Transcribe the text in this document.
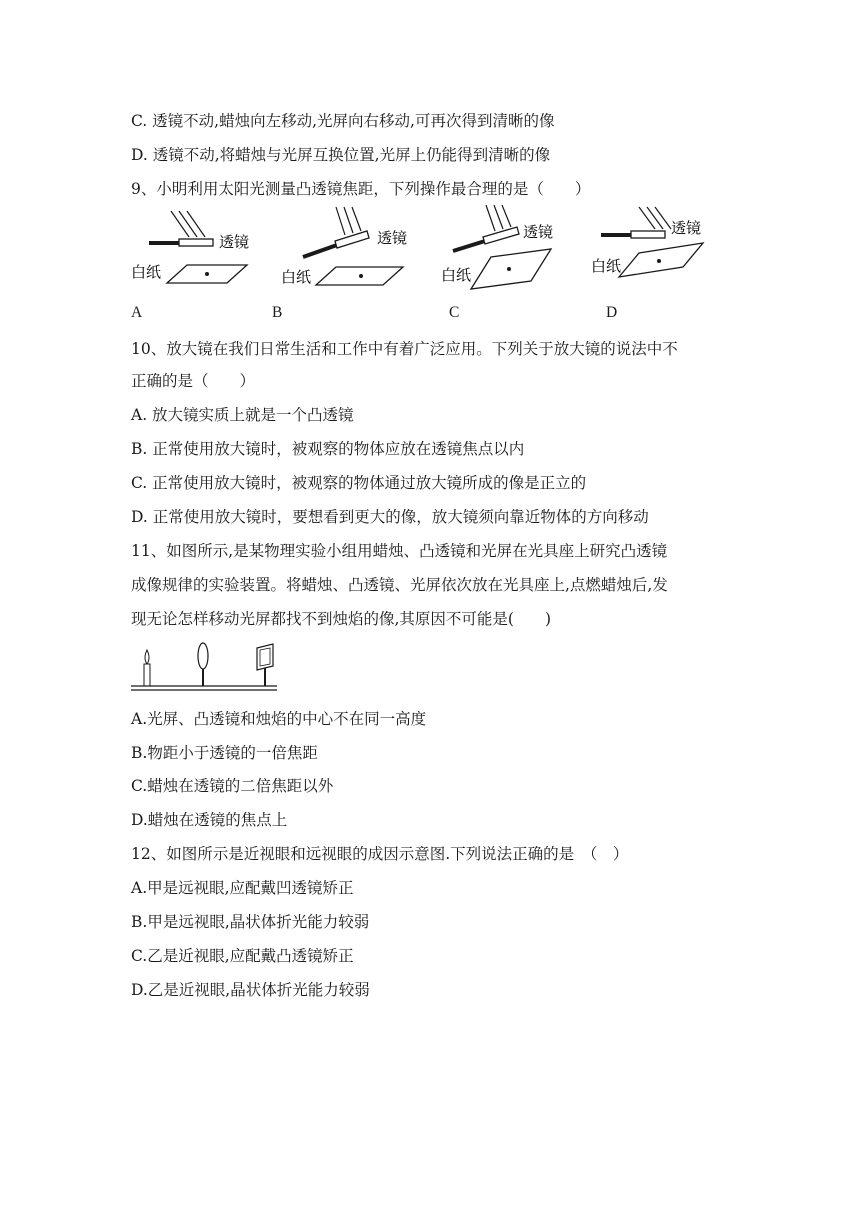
C. 透镜不动,蜡烛向左移动,光屏向右移动,可再次得到清晰的像
D. 透镜不动,将蜡烛与光屏互换位置,光屏上仍能得到清晰的像
9、小明利用太阳光测量凸透镜焦距，下列操作最合理的是（　　）
透镜
白纸
透镜
白纸
透镜
白纸
透镜
白纸
A	B	C	D
10、放大镜在我们日常生活和工作中有着广泛应用。下列关于放大镜的说法中不
正确的是（　　）
A. 放大镜实质上就是一个凸透镜
B. 正常使用放大镜时，被观察的物体应放在透镜焦点以内
C. 正常使用放大镜时，被观察的物体通过放大镜所成的像是正立的
D. 正常使用放大镜时，要想看到更大的像，放大镜须向靠近物体的方向移动
11、如图所示,是某物理实验小组用蜡烛、凸透镜和光屏在光具座上研究凸透镜
成像规律的实验装置。将蜡烛、凸透镜、光屏依次放在光具座上,点燃蜡烛后,发
现无论怎样移动光屏都找不到烛焰的像,其原因不可能是(　　)
A.光屏、凸透镜和烛焰的中心不在同一高度
B.物距小于透镜的一倍焦距
C.蜡烛在透镜的二倍焦距以外
D.蜡烛在透镜的焦点上
12、如图所示是近视眼和远视眼的成因示意图.下列说法正确的是　（　）
A.甲是远视眼,应配戴凹透镜矫正
B.甲是远视眼,晶状体折光能力较弱
C.乙是近视眼,应配戴凸透镜矫正
D.乙是近视眼,晶状体折光能力较弱
